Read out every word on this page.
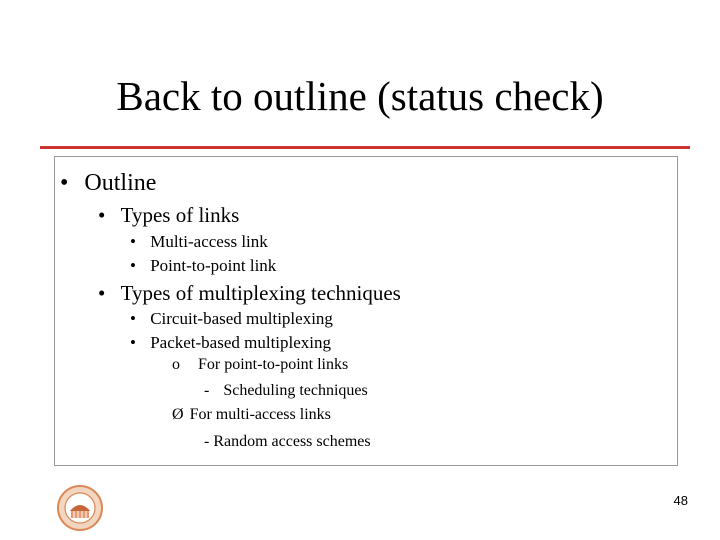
Back to outline (status check)
• Outline
• Types of links
• Multi-access link
• Point-to-point link
• Types of multiplexing techniques
• Circuit-based multiplexing
• Packet-based multiplexing
o For point-to-point links
- Scheduling techniques
Ø For multi-access links
- Random access schemes
48
